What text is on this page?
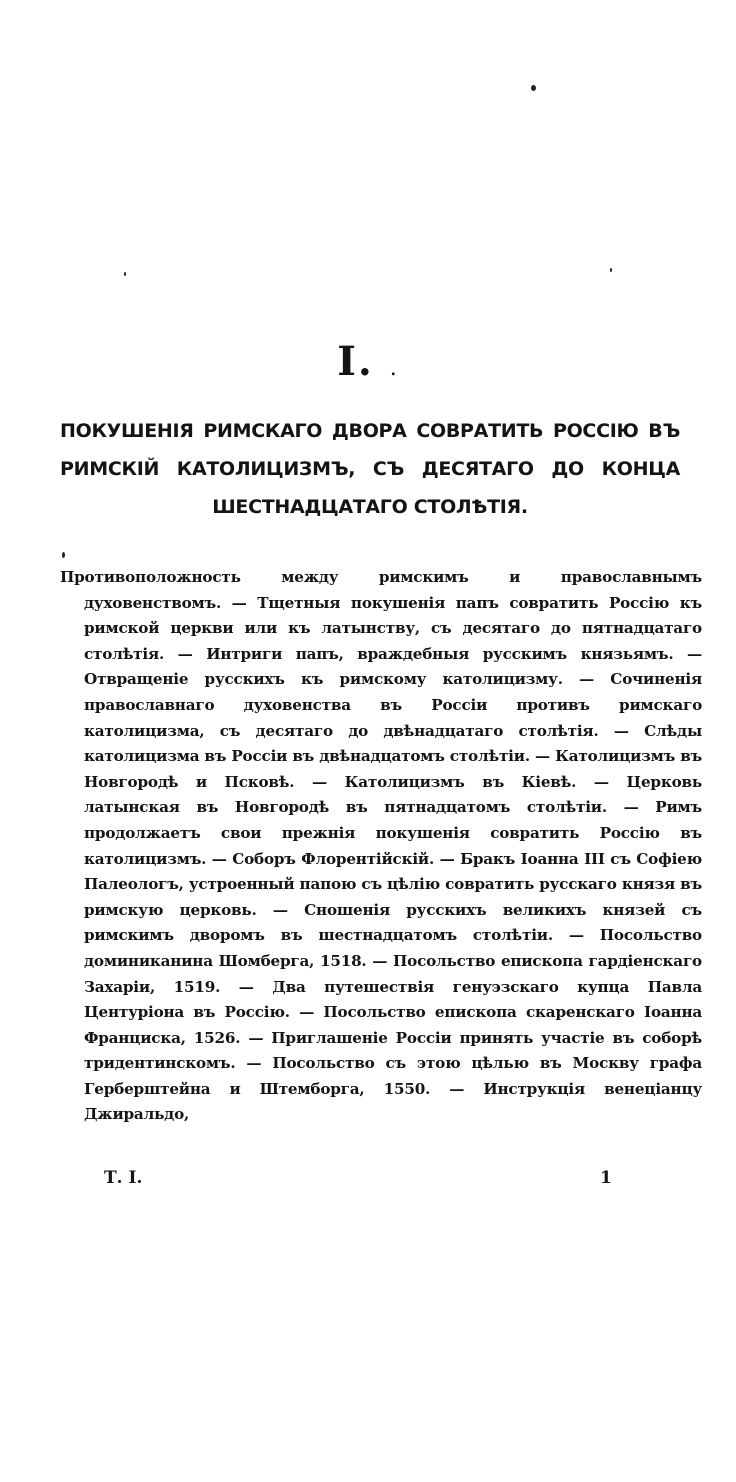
I. .
ПОКУШЕНІЯ РИМСКАГО ДВОРА СОВРАТИТЬ РОССІЮ ВЪ РИМСКІЙ КАТОЛИЦИЗМЪ, СЪ ДЕСЯТАГО ДО КОНЦА ШЕСТНАДЦАТАГО СТОЛѢТІЯ.

Противоположность между римскимъ и православнымъ духовенствомъ. — Тщетныя покушенія папъ совратить Россію къ римской церкви или къ латынству, съ десятаго до пятнадцатаго столѣтія. — Интриги папъ, враждебныя русскимъ князьямъ. — Отвращеніе русскихъ къ римскому католицизму. — Сочиненія православнаго духовенства въ Россіи противъ римскаго католицизма, съ десятаго до двѣнадцатаго столѣтія. — Слѣды католицизма въ Россіи въ двѣнадцатомъ столѣтіи. — Католицизмъ въ Новгородѣ и Псковѣ. — Католицизмъ въ Кіевѣ. — Церковь латынская въ Новгородѣ въ пятнадцатомъ столѣтіи. — Римъ продолжаетъ свои прежнія покушенія совратить Россію въ католицизмъ. — Соборъ Флорентійскій. — Бракъ Іоанна III съ Софіею Палеологъ, устроенный папою съ цѣлію совратить русскаго князя въ римскую церковь. — Сношенія русскихъ великихъ князей съ римскимъ дворомъ въ шестнадцатомъ столѣтіи. — Посольство доминиканина Шомберга, 1518. — Посольство епископа гардіенскаго Захаріи, 1519. — Два путешествія генуэзскаго купца Павла Центуріона въ Россію. — Посольство епископа скаренскаго Іоанна Франциска, 1526. — Приглашеніе Россіи принять участіе въ соборѣ тридентинскомъ. — Посольство съ этою цѣлью въ Москву графа Герберштейна и Штемборга, 1550. — Инструкція венеціанцу Джиральдо,

Т. I.	1
